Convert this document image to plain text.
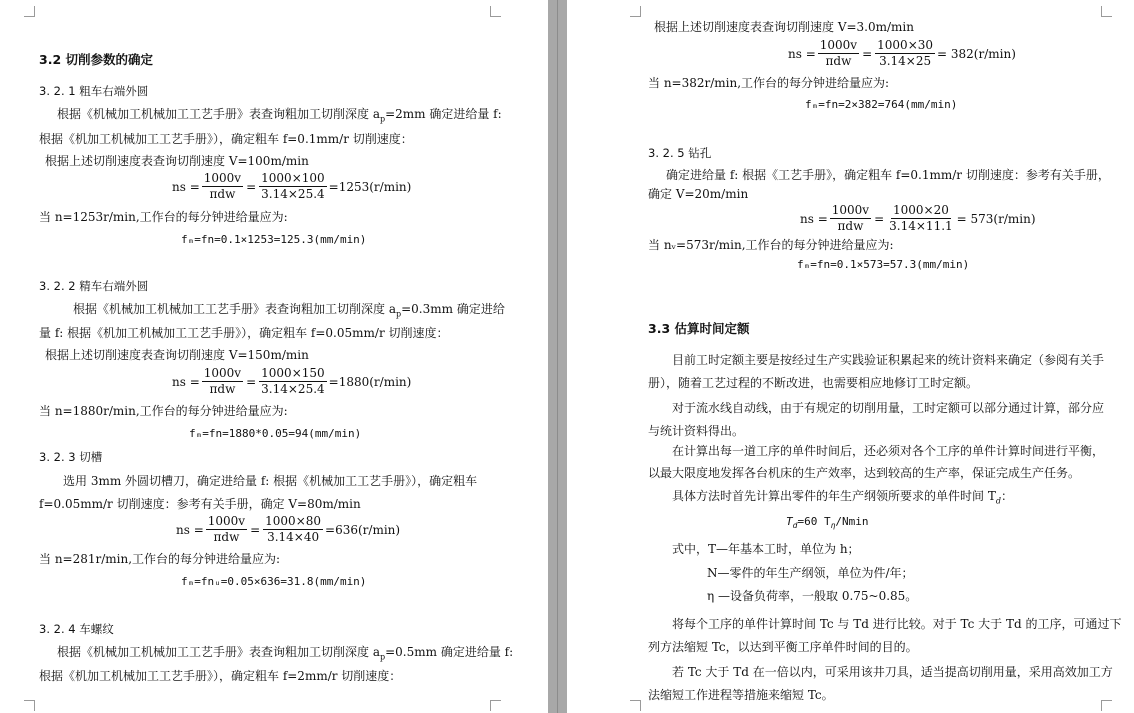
3.2 切削参数的确定
3. 2. 1 粗车右端外圆
根据《机械加工机械加工工艺手册》表查询粗加工切削深度 $a_p=2mm$ 确定进给量 f:
根据《机加工机械加工工艺手册》），确定粗车 f=0.1mm/r 切削速度：
根据上述切削速度表查询切削速度 V=100m/min
ns = $\frac{1000v}{\text{πdw}} = \frac{1000\times 100}{3.14\times 25.4} =1253(r/\min)$
当 n=1253r/min,工作台的每分钟进给量应为:
fₘ=fn=0.1×1253=125.3(mm/min)
3. 2. 2 精车右端外圆
根据《机械加工机械加工工艺手册》表查询粗加工切削深度 $a_p=0.3mm$ 确定进给
量 f: 根据《机加工机械加工工艺手册》），确定粗车 f=0.05mm/r 切削速度：
根据上述切削速度表查询切削速度 V=150m/min
ns = $\frac{1000v}{\text{πdw}} = \frac{1000\times 150}{3.14\times 25.4} =1880(r/\min)$
当 n=1880r/min,工作台的每分钟进给量应为:
fₘ=fn=1880*0.05=94(mm/min)
3. 2. 3 切槽
选用 3mm 外圆切槽刀，确定进给量 f: 根据《机械加工工艺手册》），确定粗车
f=0.05mm/r 切削速度：参考有关手册，确定 V=80m/min
ns = $\frac{1000v}{\text{πdw}} = \frac{1000\times 80}{3.14\times 40} =636(r/\min)$
当 n=281r/min,工作台的每分钟进给量应为:
fₘ=fnᵤ=0.05×636=31.8(mm/min)
3. 2. 4 车螺纹
根据《机械加工机械加工工艺手册》表查询粗加工切削深度 $a_p=0.5mm$ 确定进给量 f:
根据《机加工机械加工工艺手册》），确定粗车 f=2mm/r 切削速度：
根据上述切削速度表查询切削速度 V=3.0m/min
ns = $\frac{1000v}{\text{πdw}} = \frac{1000\times 30}{3.14\times 25} = 382(r/\min)$
当 n=382r/min,工作台的每分钟进给量应为:
fₘ=fn=2×382=764(mm/min)
3. 2. 5 钻孔
确定进给量 f: 根据《工艺手册》，确定粗车 f=0.1mm/r 切削速度：参考有关手册，
确定 V=20m/min
ns = $\frac{1000v}{\text{πdw}} = \frac{1000\times 20}{3.14\times 11.1} = 573(r/\min)$
当 nᵥ=573r/min,工作台的每分钟进给量应为:
fₘ=fn=0.1×573=57.3(mm/min)
3.3 估算时间定额
目前工时定额主要是按经过生产实践验证积累起来的统计资料来确定（参阅有关手
册），随着工艺过程的不断改进，也需要相应地修订工时定额。
对于流水线自动线，由于有规定的切削用量，工时定额可以部分通过计算，部分应
与统计资料得出。
在计算出每一道工序的单件时间后，还必须对各个工序的单件计算时间进行平衡，
以最大限度地发挥各台机床的生产效率，达到较高的生产率，保证完成生产任务。
具体方法时首先计算出零件的年生产纲领所要求的单件时间 $T_d$：
$T_d=60$ $T_\eta$/Nmin
式中，T—年基本工时，单位为 h；
N—零件的年生产纲领，单位为件/年；
η —设备负荷率，一般取 0.75~0.85。
将每个工序的单件计算时间 Tc 与 Td 进行比较。对于 Tc 大于 Td 的工序，可通过下
列方法缩短 Tc，以达到平衡工序单件时间的目的。
若 Tc 大于 Td 在一倍以内，可采用该井刀具，适当提高切削用量，采用高效加工方
法缩短工作进程等措施来缩短 Tc。
